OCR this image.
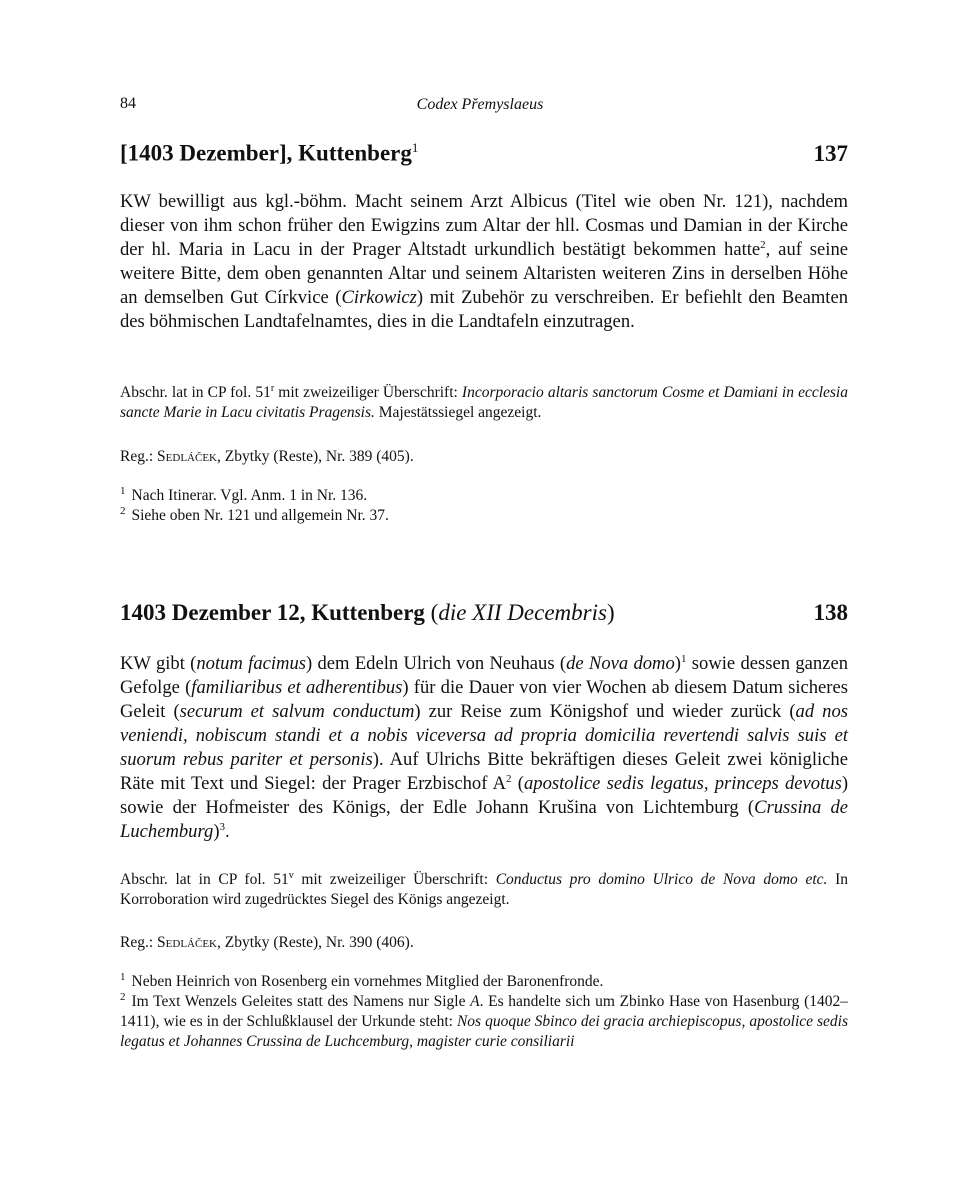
84	Codex Přemyslaeus
[1403 Dezember], Kuttenberg$^1$	137

KW bewilligt aus kgl.-böhm. Macht seinem Arzt Albicus (Titel wie oben Nr. 121), nachdem dieser von ihm schon früher den Ewigzins zum Altar der hll. Cosmas und Damian in der Kirche der hl. Maria in Lacu in der Prager Altstadt urkundlich bestätigt bekommen hatte$^2$, auf seine weitere Bitte, dem oben genannten Altar und seinem Altaristen weiteren Zins in derselben Höhe an demselben Gut Církvice (Cirkowicz) mit Zubehör zu verschreiben. Er befiehlt den Beamten des böhmischen Landtafelnamtes, dies in die Landtafeln einzutragen.

Abschr. lat in CP fol. 51$^r$ mit zweizeiliger Überschrift: Incorporacio altaris sanctorum Cosme et Damiani in ecclesia sancte Marie in Lacu civitatis Pragensis. Majestätssiegel angezeigt.

Reg.: Sedláček, Zbytky (Reste), Nr. 389 (405).

$^1$ Nach Itinerar. Vgl. Anm. 1 in Nr. 136.

$^2$ Siehe oben Nr. 121 und allgemein Nr. 37.

1403 Dezember 12, Kuttenberg (die XII Decembris)	138

KW gibt (notum facimus) dem Edeln Ulrich von Neuhaus (de Nova domo)$^1$ sowie dessen ganzen Gefolge (familiaribus et adherentibus) für die Dauer von vier Wochen ab diesem Datum sicheres Geleit (securum et salvum conductum) zur Reise zum Königshof und wieder zurück (ad nos veniendi, nobiscum standi et a nobis viceversa ad propria domicilia revertendi salvis suis et suorum rebus pariter et personis). Auf Ulrichs Bitte bekräftigen dieses Geleit zwei königliche Räte mit Text und Siegel: der Prager Erzbischof $A^2$ (apostolice sedis legatus, princeps devotus) sowie der Hofmeister des Königs, der Edle Johann Krušina von Lichtemburg (Crussina de Luchemburg)$^3$.

Abschr. lat in CP fol. 51$^v$ mit zweizeiliger Überschrift: Conductus pro domino Ulrico de Nova domo etc. In Korroboration wird zugedrücktes Siegel des Königs angezeigt.

Reg.: Sedláček, Zbytky (Reste), Nr. 390 (406).

$^1$ Neben Heinrich von Rosenberg ein vornehmes Mitglied der Baronenfronde.

$^2$ Im Text Wenzels Geleites statt des Namens nur Sigle A. Es handelte sich um Zbinko Hase von Hasenburg (1402–1411), wie es in der Schlußklausel der Urkunde steht: Nos quoque Sbinco dei gracia archiepiscopus, apostolice sedis legatus et Johannes Crussina de Luchcemburg, magister curie consiliarii
